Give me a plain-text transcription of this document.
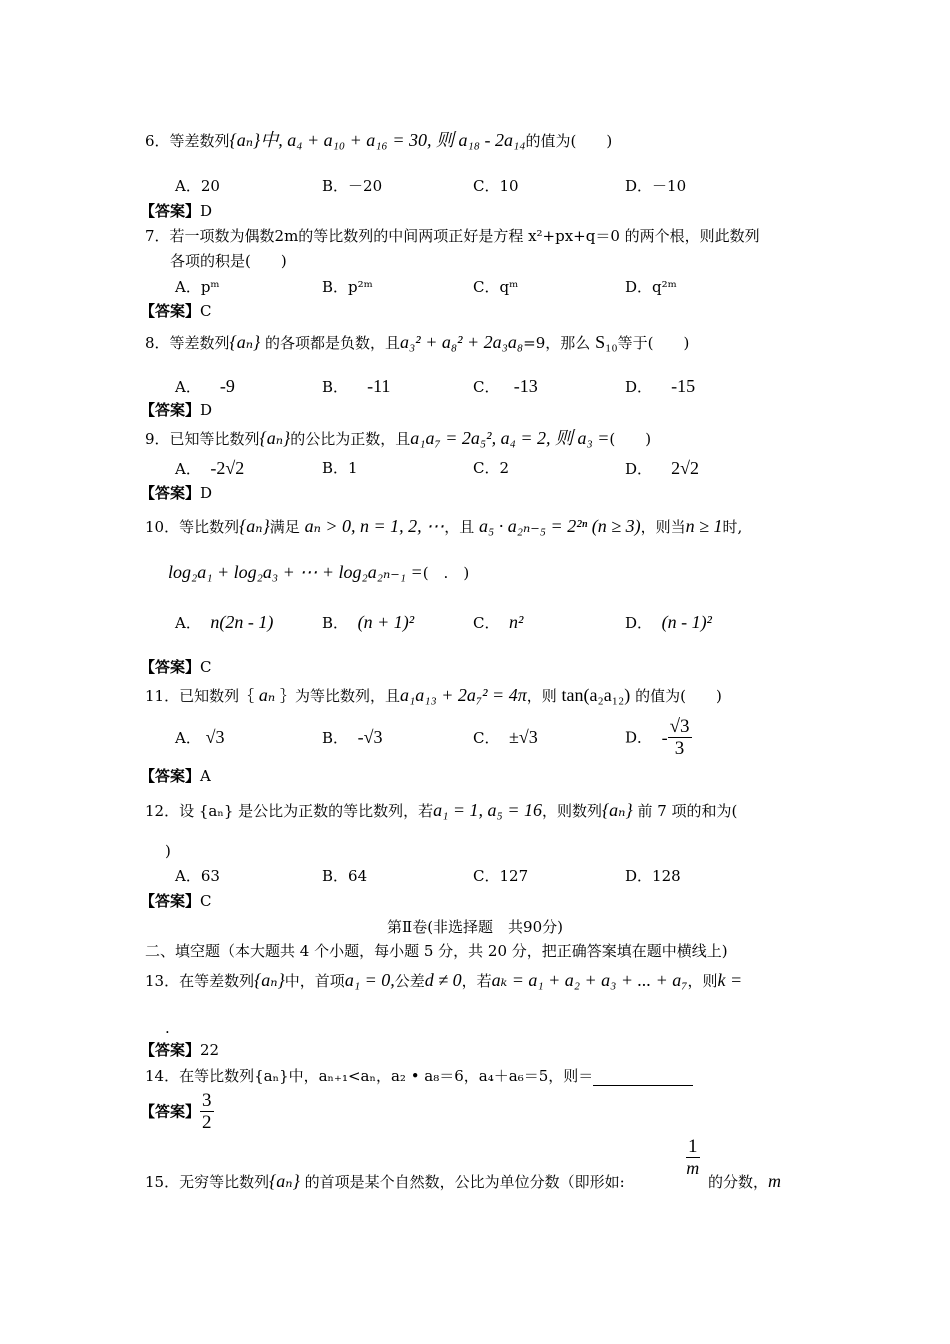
6．等差数列{aₙ}中, a₄ + a₁₀ + a₁₆ = 30, 则 a₁₈ - 2a₁₄的值为(　　)
A．20	B．－20	C．10	D．－10
【答案】D
7．若一项数为偶数2m的等比数列的中间两项正好是方程 x²+px+q＝0 的两个根，则此数列
各项的积是(　　)
A．pᵐ	B．p²ᵐ	C．qᵐ	D．q²ᵐ
【答案】C
8．等差数列{aₙ} 的各项都是负数，且a₃² + a₈² + 2a₃a₈=9，那么 S₁₀等于(　　)
A． -9	B． -11	C． -13	D． -15
【答案】D
9．已知等比数列{aₙ}的公比为正数，且a₁a₇ = 2a₅², a₄ = 2, 则 a₃ =(　　)
A． -2√2	B．1	C．2	D． 2√2
【答案】D
10．等比数列{aₙ}满足 aₙ > 0, n = 1, 2, ⋯，且 a₅ · a₂ₙ₋₅ = 2²ⁿ (n ≥ 3)，则当n ≥ 1时,
log₂a₁ + log₂a₃ + ⋯ + log₂a₂ₙ₋₁ =(　.　)
A． n(2n - 1)	B． (n + 1)²	C． n²	D． (n - 1)²
【答案】C
11．已知数列｛ aₙ ｝为等比数列，且a₁a₁₃ + 2a₇² = 4π，则 tan(a₂a₁₂) 的值为(　　)
A． √3	B． -√3	C． ±√3	D． - $\frac{√3}{3}$
【答案】A
12．设 {aₙ} 是公比为正数的等比数列，若a₁ = 1, a₅ = 16，则数列{aₙ} 前 7 项的和为(
)
A．63	B．64	C．127	D．128
【答案】C
第Ⅱ卷(非选择题　共90分)
二、填空题（本大题共 4 个小题，每小题 5 分，共 20 分，把正确答案填在题中横线上)
13．在等差数列{aₙ}中，首项a₁ = 0,公差d ≠ 0，若aₖ = a₁ + a₂ + a₃ + ... + a₇，则k =
.
【答案】22
14．在等比数列{aₙ}中，aₙ₊₁<aₙ，a₂ • a₈＝6，a₄＋a₆＝5，则＝
【答案】 $\frac{3}{2}$
15．无穷等比数列{aₙ} 的首项是某个自然数，公比为单位分数（即形如:
$\frac{1}{m}$
的分数，m
